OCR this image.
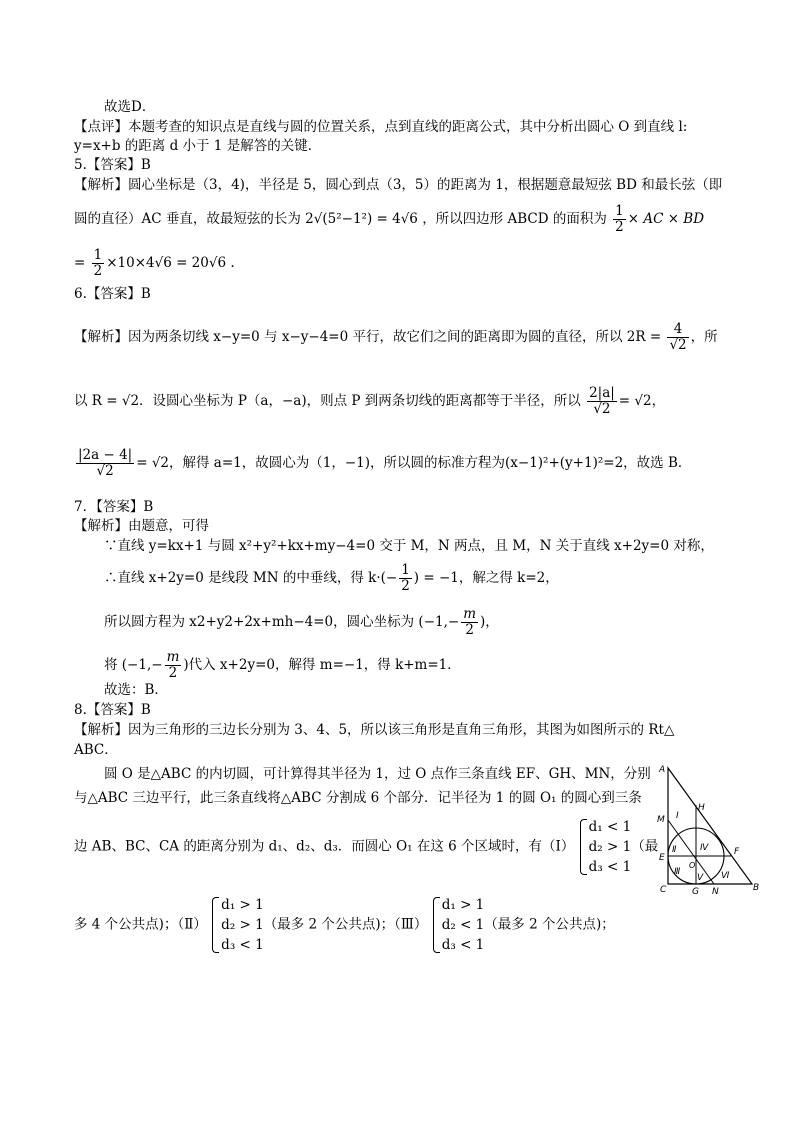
故选D．
【点评】本题考查的知识点是直线与圆的位置关系，点到直线的距离公式，其中分析出圆心 O 到直线 l:
y=x+b 的距离 d 小于 1 是解答的关键．
5.【答案】B
【解析】圆心坐标是（3，4)，半径是 5，圆心到点（3，5）的距离为 1，根据题意最短弦 BD 和最长弦（即
圆的直径）AC 垂直，故最短弦的长为 2√(5²−1²) = 4√6 ，所以四边形 ABCD 的面积为 $\frac{1}{2}$ × AC × BD
= $\frac{1}{2} \times 10\times 4√6 = 20√6$ .
6.【答案】B
【解析】因为两条切线 x−y=0 与 x−y−4=0 平行，故它们之间的距离即为圆的直径，所以 $2R = \frac{4}{√2}$ ，所
以 R = √2．设圆心坐标为 P（a，−a)，则点 P 到两条切线的距离都等于半径，所以 $\frac{2|a|}{√2} = √2$，
$\frac{|2a - 4|}{√2} = √2$，解得 a=1，故圆心为（1，−1)，所以圆的标准方程为(x−1)²+(y+1)²=2，故选 B．
7．【答案】B
【解析】由题意，可得
∵直线 y=kx+1 与圆 x²+y²+kx+my−4=0 交于 M，N 两点，且 M，N 关于直线 x+2y=0 对称，
∴直线 x+2y=0 是线段 MN 的中垂线，得 $k\cdot(- \frac{1}{2}$ ) = −1，解之得 k=2，
所以圆方程为 x2+y2+2x+mh−4=0，圆心坐标为 ($-1,- \frac{m}{2}$ )，
将 ($-1,- \frac{m}{2}$ )代入 x+2y=0，解得 m=−1，得 k+m=1．
故选：B．
8.【答案】B
【解析】因为三角形的三边长分别为 3、4、5，所以该三角形是直角三角形，其图为如图所示的 Rt△
ABC．
圆 O 是△ABC 的内切圆，可计算得其半径为 1，过 O 点作三条直线 EF、GH、MN，分别
与△ABC 三边平行，此三条直线将△ABC 分割成 6 个部分．记半径为 1 的圆 O₁ 的圆心到三条
边 AB、BC、CA 的距离分别为 d₁、d₂、d₃．而圆心 O₁ 在这 6 个区域时，有（Ⅰ）
d₁ < 1
d₂ > 1
d₃ < 1
（最
多 4 个公共点)；（Ⅱ）
d₁ > 1
d₂ > 1
d₃ < 1
（最多 2 个公共点)；（Ⅲ）
d₁ > 1
d₂ < 1
d₃ < 1
（最多 2 个公共点)；
A
B
C
H
M
E
F
O
G N
Ⅰ
Ⅱ
Ⅲ
Ⅳ
Ⅴ Ⅵ
